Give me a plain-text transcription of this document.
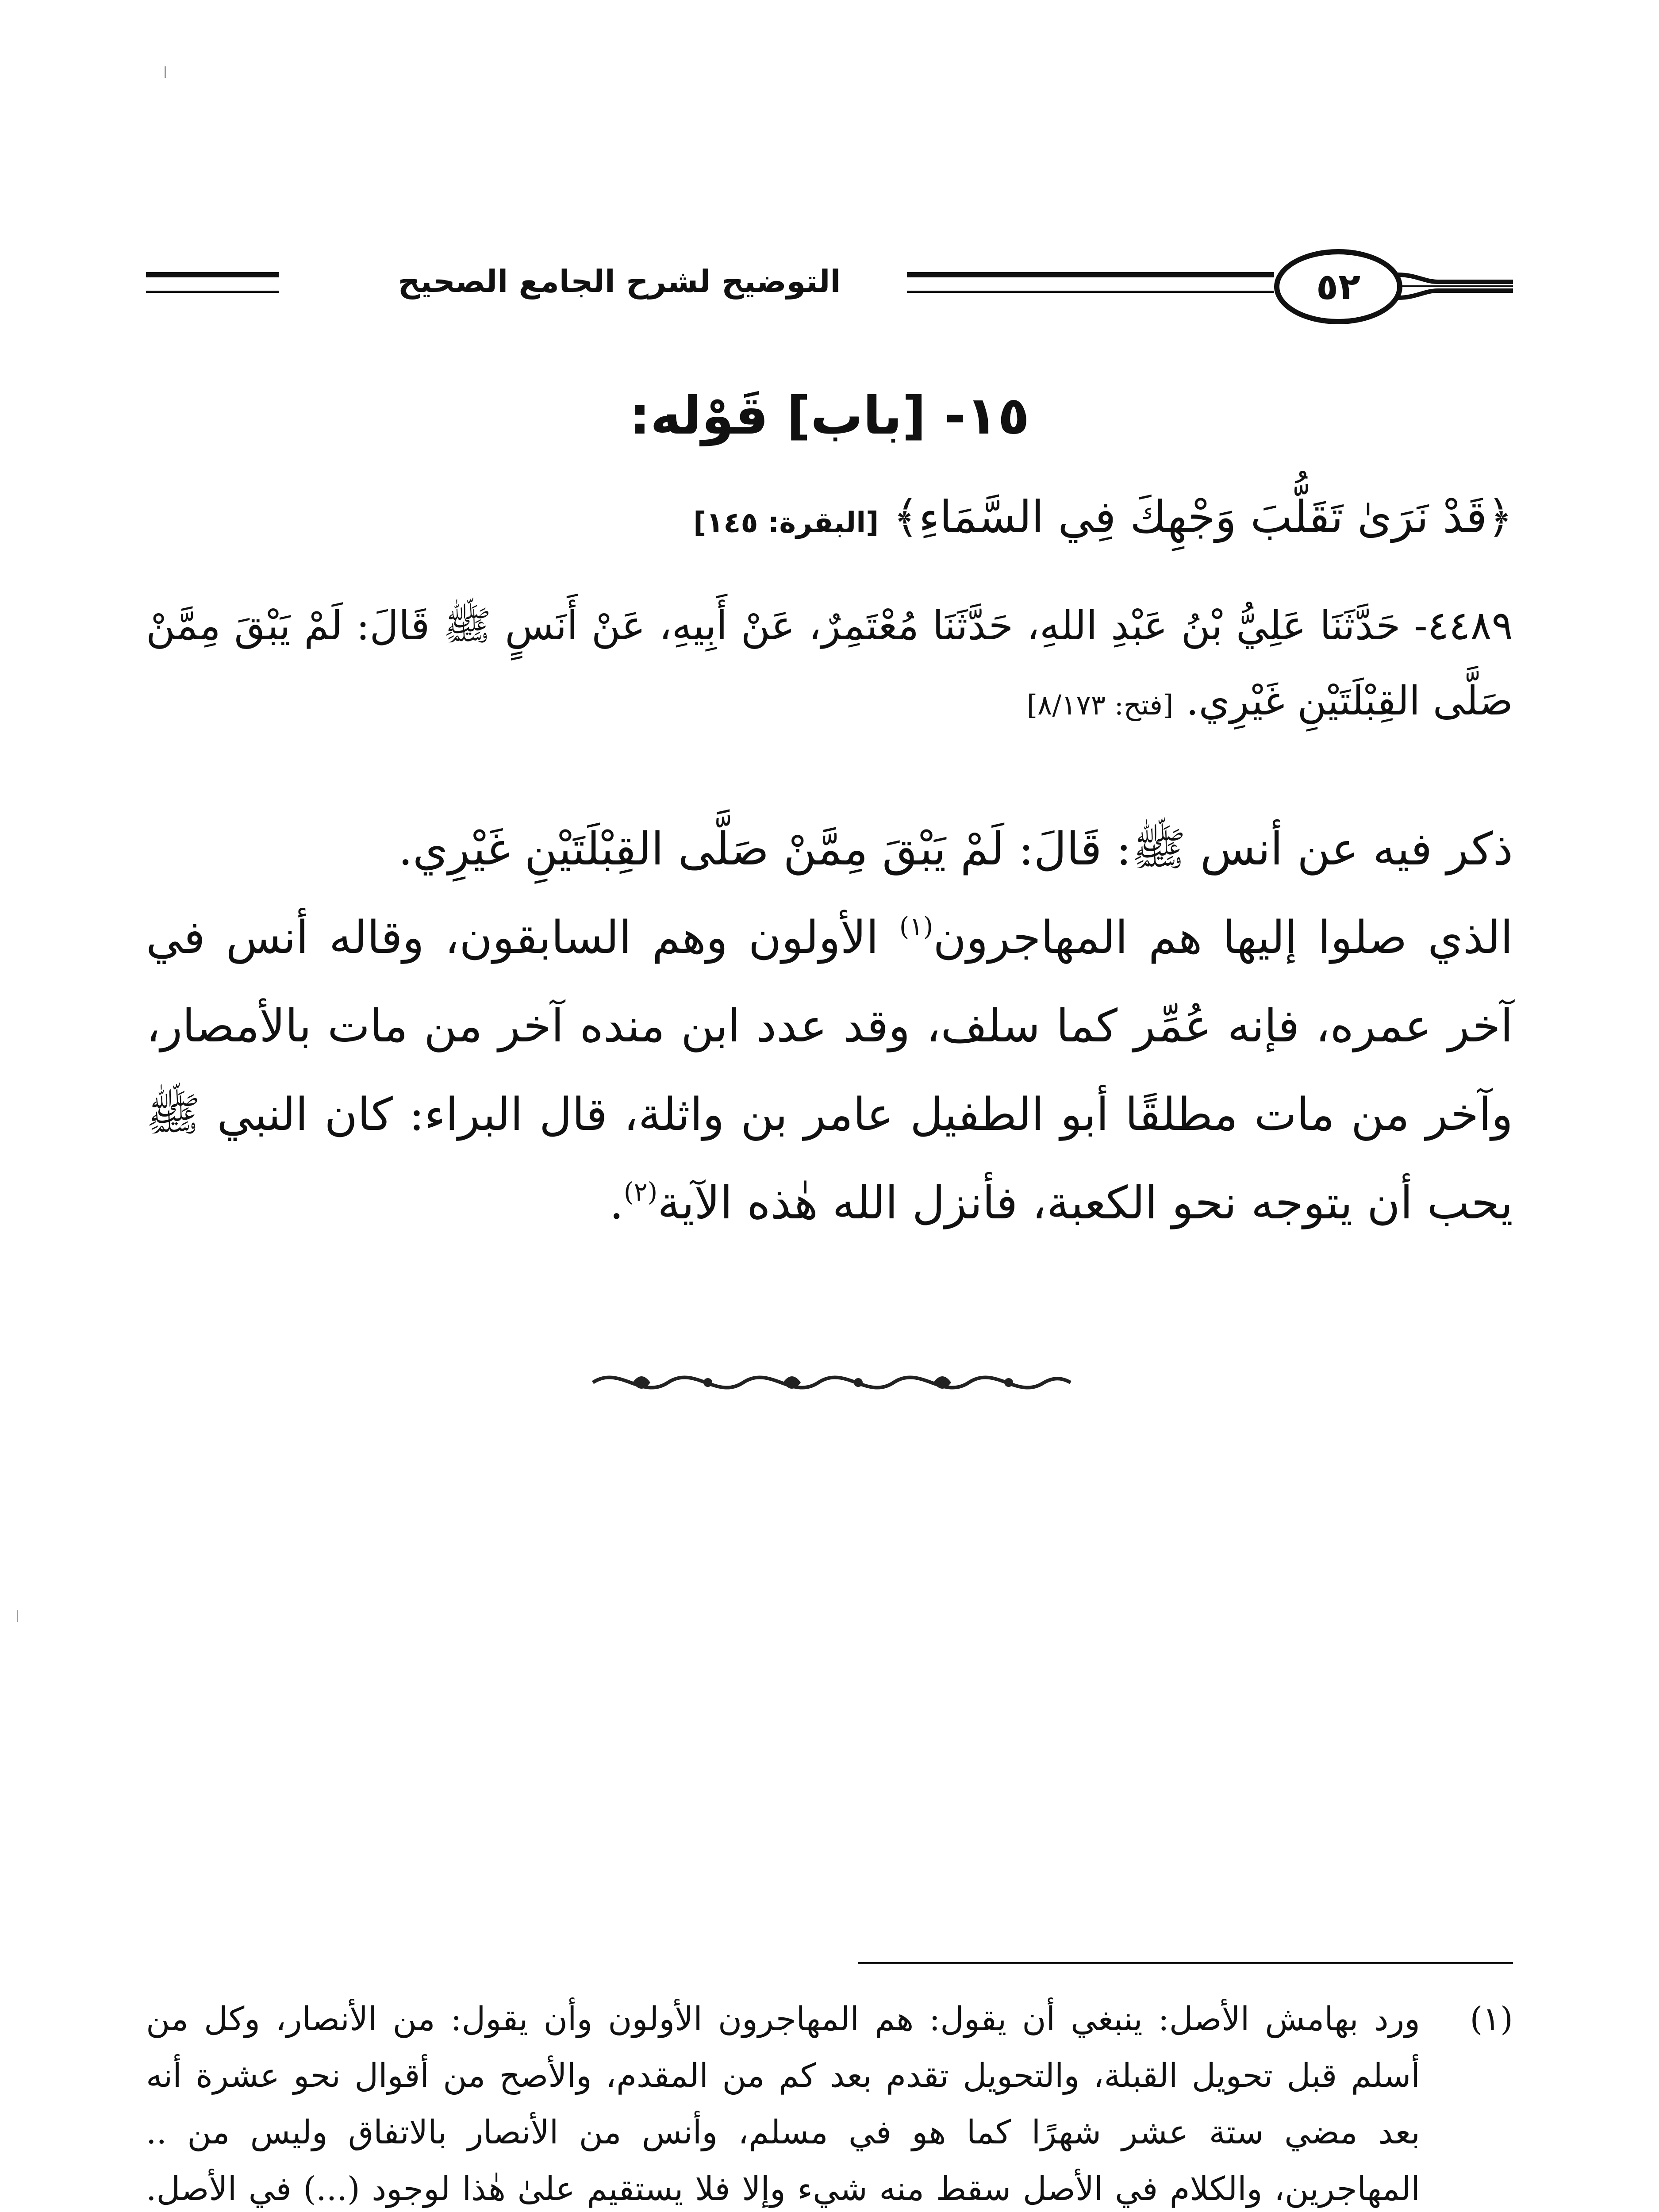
التوضيح لشرح الجامع الصحيح	٥٢
١٥- [باب] قَوْله:
﴿قَدْ نَرَىٰ تَقَلُّبَ وَجْهِكَ فِي السَّمَاءِ﴾ [البقرة: ١٤٥]
٤٤٨٩- حَدَّثَنَا عَلِيُّ بْنُ عَبْدِ اللهِ، حَدَّثَنَا مُعْتَمِرٌ، عَنْ أَبِيهِ، عَنْ أَنَسٍ ﷺ قَالَ: لَمْ يَبْقَ مِمَّنْ صَلَّى القِبْلَتَيْنِ غَيْرِي. [فتح: ٨/١٧٣]

ذكر فيه عن أنس ﷺ: قَالَ: لَمْ يَبْقَ مِمَّنْ صَلَّى القِبْلَتَيْنِ غَيْرِي.

الذي صلوا إليها هم المهاجرون$^{(١)}$ الأولون وهم السابقون، وقاله أنس في آخر عمره، فإنه عُمِّر كما سلف، وقد عدد ابن منده آخر من مات بالأمصار، وآخر من مات مطلقًا أبو الطفيل عامر بن واثلة، قال البراء: كان النبي ﷺ يحب أن يتوجه نحو الكعبة، فأنزل الله هٰذه الآية$^{(٢)}$.

(١)
ورد بهامش الأصل: ينبغي أن يقول: هم المهاجرون الأولون وأن يقول: من الأنصار، وكل من أسلم قبل تحويل القبلة، والتحويل تقدم بعد كم من المقدم، والأصح من أقوال نحو عشرة أنه بعد مضي ستة عشر شهرًا كما هو في مسلم، وأنس من الأنصار بالاتفاق وليس من .. المهاجرين، والكلام في الأصل سقط منه شيء وإلا فلا يستقيم علىٰ هٰذا لوجود (...) في الأصل.
